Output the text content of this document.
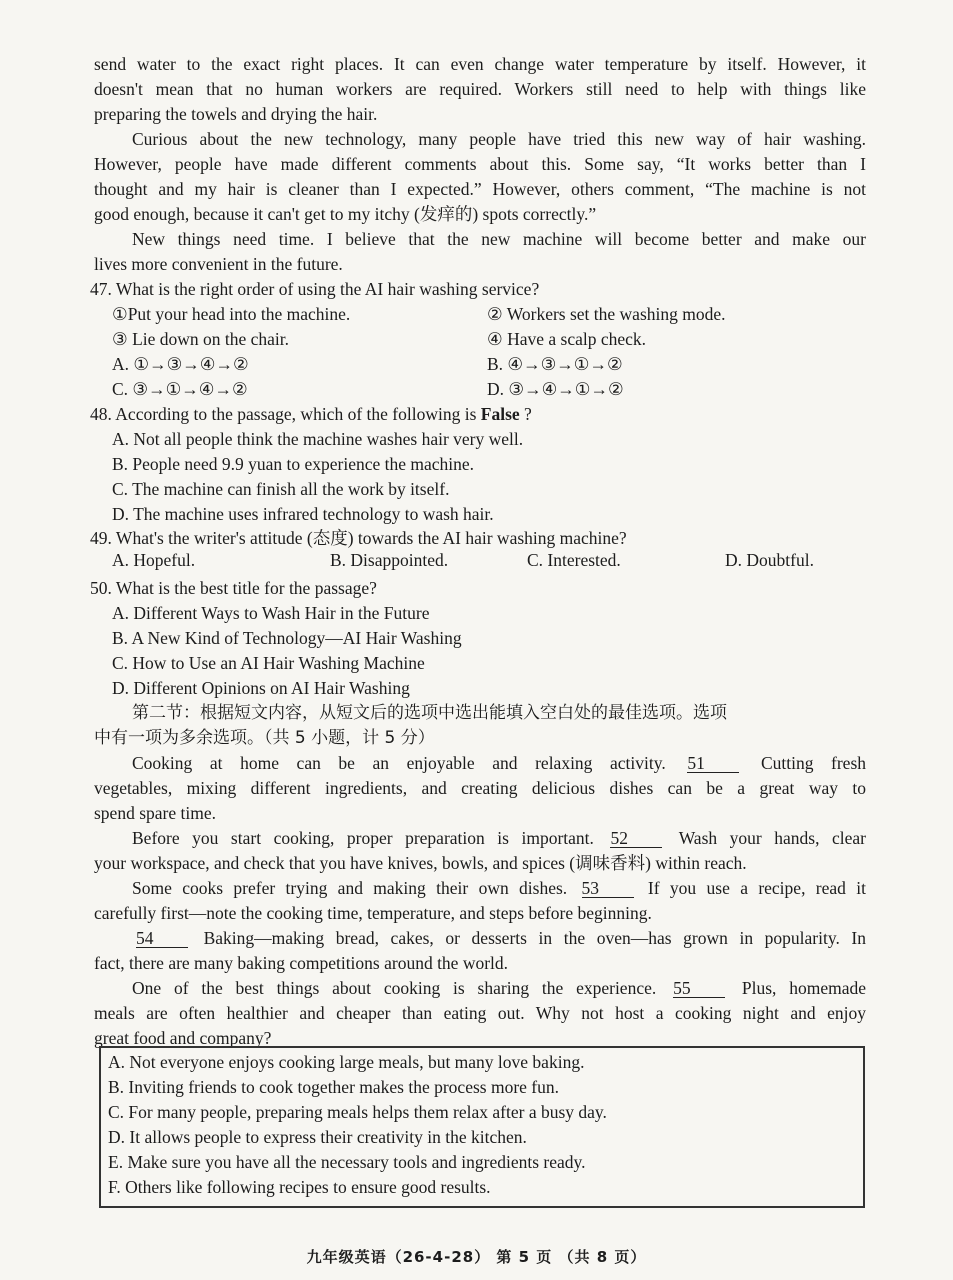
send water to the exact right places. It can even change water temperature by itself. However, it
doesn't mean that no human workers are required. Workers still need to help with things like
preparing the towels and drying the hair.
Curious about the new technology, many people have tried this new way of hair washing.
However, people have made different comments about this. Some say, “It works better than I
thought and my hair is cleaner than I expected.” However, others comment, “The machine is not
good enough, because it can't get to my itchy (发痒的) spots correctly.”
New things need time. I believe that the new machine will become better and make our
lives more convenient in the future.
47. What is the right order of using the AI hair washing service?
①Put your head into the machine.	② Workers set the washing mode.
③ Lie down on the chair.	④ Have a scalp check.
A. ①→③→④→②	B. ④→③→①→②
C. ③→①→④→②	D. ③→④→①→②
48. According to the passage, which of the following is False ?
A. Not all people think the machine washes hair very well.
B. People need 9.9 yuan to experience the machine.
C. The machine can finish all the work by itself.
D. The machine uses infrared technology to wash hair.
49. What's the writer's attitude (态度) towards the AI hair washing machine?
A. Hopeful.	B. Disappointed.	C. Interested.	D. Doubtful.
50. What is the best title for the passage?
A. Different Ways to Wash Hair in the Future
B. A New Kind of Technology—AI Hair Washing
C. How to Use an AI Hair Washing Machine
D. Different Opinions on AI Hair Washing
第二节：根据短文内容，从短文后的选项中选出能填入空白处的最佳选项。选项
中有一项为多余选项。（共 5 小题，计 5 分）
Cooking at home can be an enjoyable and relaxing activity. 51	Cutting fresh
vegetables, mixing different ingredients, and creating delicious dishes can be a great way to
spend spare time.
Before you start cooking, proper preparation is important. 52	Wash your hands, clear
your workspace, and check that you have knives, bowls, and spices (调味香料) within reach.
Some cooks prefer trying and making their own dishes. 53	If you use a recipe, read it
carefully first—note the cooking time, temperature, and steps before beginning.
54	Baking—making bread, cakes, or desserts in the oven—has grown in popularity. In
fact, there are many baking competitions around the world.
One of the best things about cooking is sharing the experience. 55	Plus, homemade
meals are often healthier and cheaper than eating out. Why not host a cooking night and enjoy
great food and company?
A. Not everyone enjoys cooking large meals, but many love baking.
B. Inviting friends to cook together makes the process more fun.
C. For many people, preparing meals helps them relax after a busy day.
D. It allows people to express their creativity in the kitchen.
E. Make sure you have all the necessary tools and ingredients ready.
F. Others like following recipes to ensure good results.
九年级英语（26-4-28） 第 5 页 （共 8 页）
